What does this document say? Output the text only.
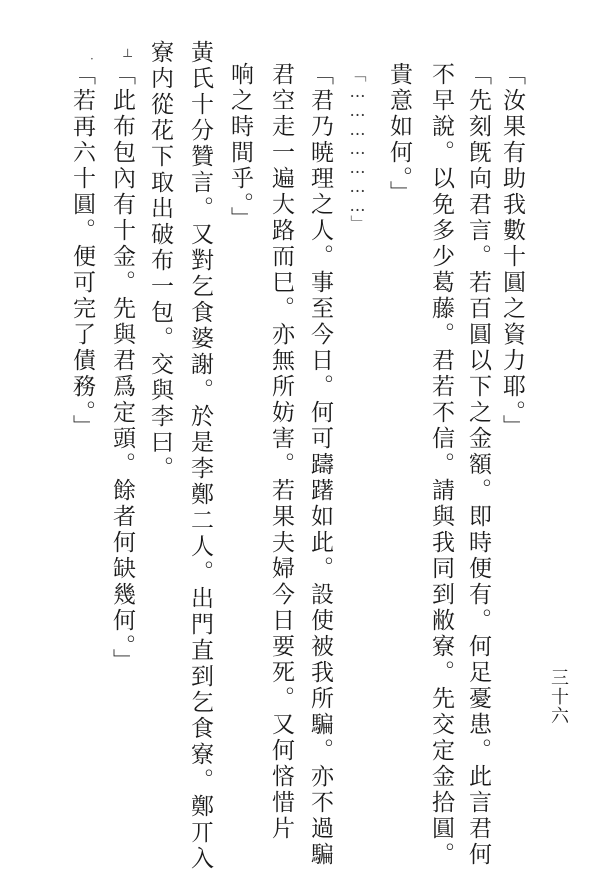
三十六
「汝果有助我數十圓之資力耶。」
「先刻旣向君言。若百圓以下之金額。即時便有。何足憂患。此言君何
不早說。以免多少葛藤。君若不信。請與我同到敝寮。先交定金拾圓。
貴意如何。」
「…………………」
「君乃暁理之人。事至今日。何可躊躇如此。設使被我所騙。亦不過騙
君空走一遍大路而巳。亦無所妨害。若果夫婦今日要死。又何悋惜片
响之時間乎。」
黃氏十分贊言。又對乞食婆謝。於是李鄭二人。出門直到乞食寮。鄭丌入
寮内從花下取出破布一包。交與李曰。
「此布包內有十金。先與君爲定頭。餘者何缺幾何。」
「若再六十圓。便可完了債務。」
· ⊥
